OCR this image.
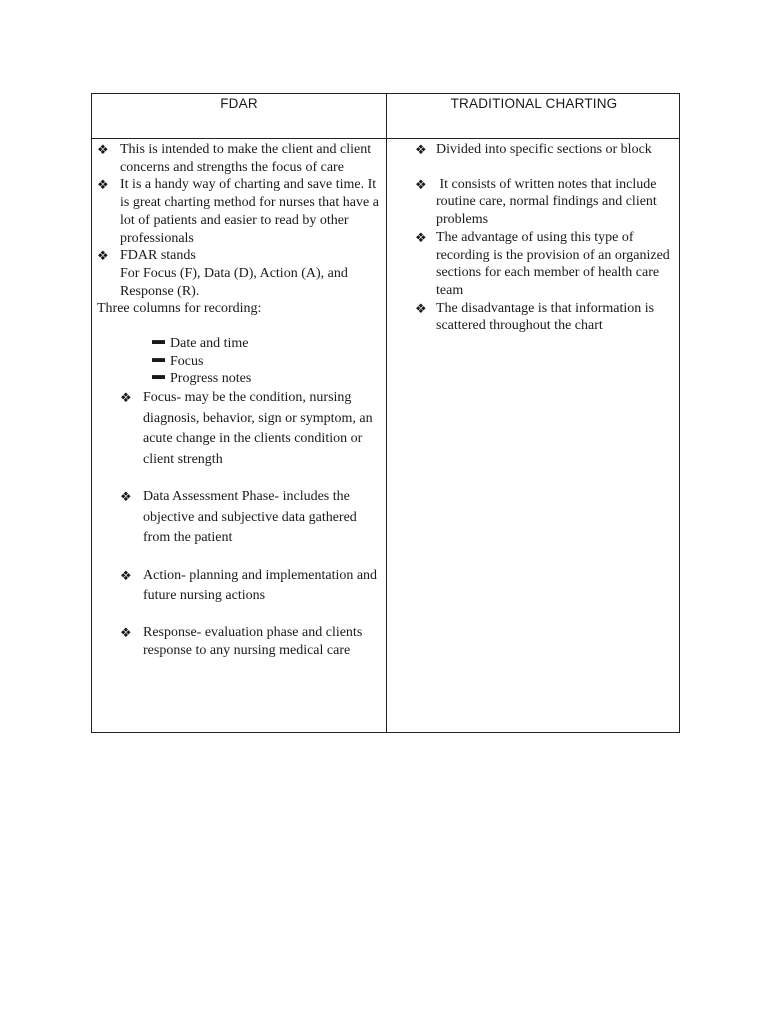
FDAR	TRADITIONAL CHARTING
❖ This is intended to make the client and client concerns and strengths the focus of care
❖ It is a handy way of charting and save time. It is great charting method for nurses that have a lot of patients and easier to read by other professionals
❖ FDAR stands
For Focus (F), Data (D), Action (A), and Response (R).
Three columns for recording:
▬ Date and time
▬ Focus
▬ Progress notes
❖ Focus- may be the condition, nursing diagnosis, behavior, sign or symptom, an acute change in the clients condition or client strength
❖ Data Assessment Phase- includes the objective and subjective data gathered from the patient
❖ Action- planning and implementation and future nursing actions
❖ Response- evaluation phase and clients response to any nursing medical care
❖ Divided into specific sections or block
❖ It consists of written notes that include routine care, normal findings and client problems
❖ The advantage of using this type of recording is the provision of an organized sections for each member of health care team
❖ The disadvantage is that information is scattered throughout the chart
